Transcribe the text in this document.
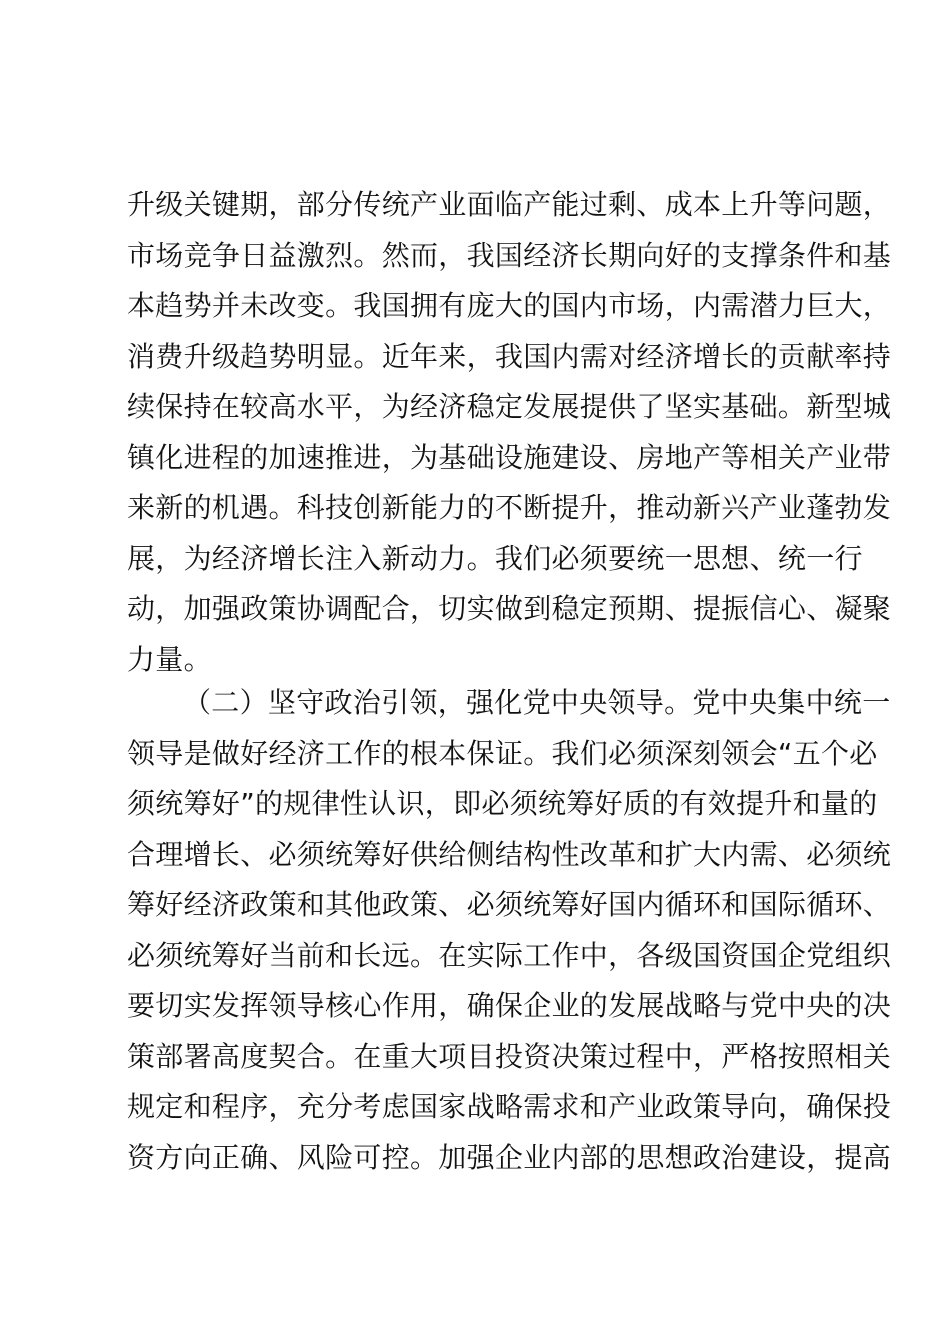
升级关键期，部分传统产业面临产能过剩、成本上升等问题，
市场竞争日益激烈。然而，我国经济长期向好的支撑条件和基
本趋势并未改变。我国拥有庞大的国内市场，内需潜力巨大，
消费升级趋势明显。近年来，我国内需对经济增长的贡献率持
续保持在较高水平，为经济稳定发展提供了坚实基础。新型城
镇化进程的加速推进，为基础设施建设、房地产等相关产业带
来新的机遇。科技创新能力的不断提升，推动新兴产业蓬勃发
展，为经济增长注入新动力。我们必须要统一思想、统一行
动，加强政策协调配合，切实做到稳定预期、提振信心、凝聚
力量。
（二）坚守政治引领，强化党中央领导。党中央集中统一
领导是做好经济工作的根本保证。我们必须深刻领会“五个必
须统筹好”的规律性认识，即必须统筹好质的有效提升和量的
合理增长、必须统筹好供给侧结构性改革和扩大内需、必须统
筹好经济政策和其他政策、必须统筹好国内循环和国际循环、
必须统筹好当前和长远。在实际工作中，各级国资国企党组织
要切实发挥领导核心作用，确保企业的发展战略与党中央的决
策部署高度契合。在重大项目投资决策过程中，严格按照相关
规定和程序，充分考虑国家战略需求和产业政策导向，确保投
资方向正确、风险可控。加强企业内部的思想政治建设，提高
